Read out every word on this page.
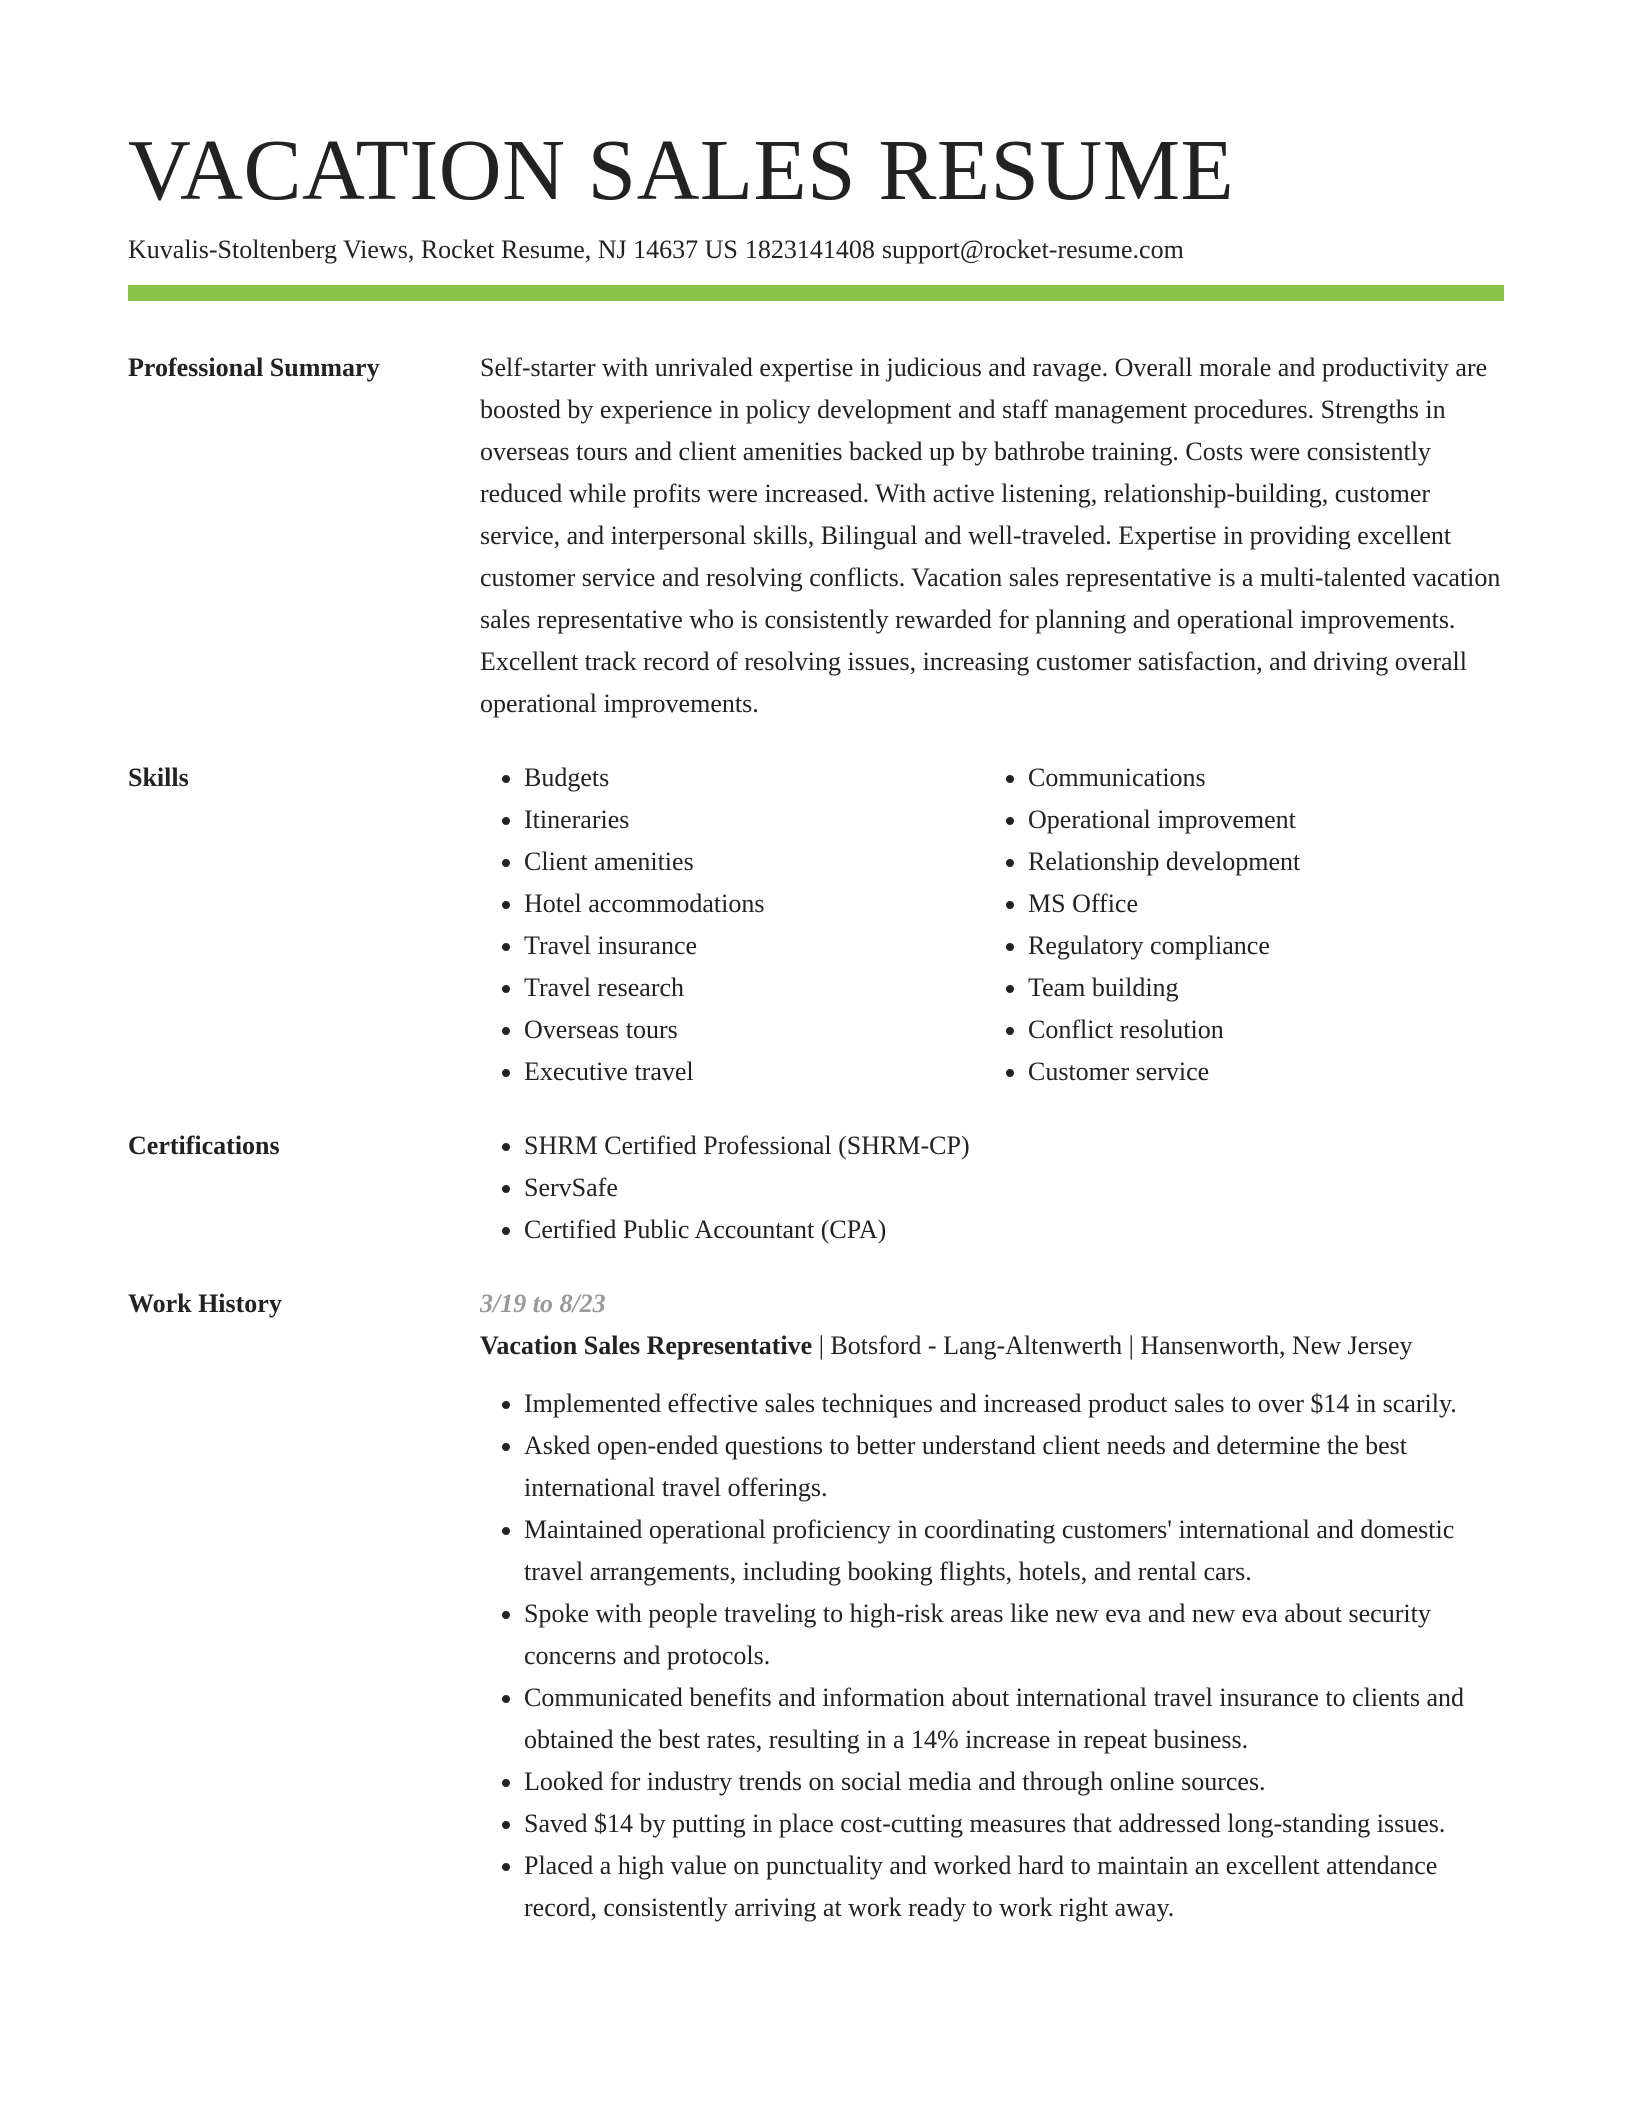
VACATION SALES RESUME
Kuvalis-Stoltenberg Views, Rocket Resume, NJ 14637 US 1823141408 support@rocket-resume.com
Professional Summary	Self-starter with unrivaled expertise in judicious and ravage. Overall morale and productivity are boosted by experience in policy development and staff management procedures. Strengths in overseas tours and client amenities backed up by bathrobe training. Costs were consistently reduced while profits were increased. With active listening, relationship-building, customer service, and interpersonal skills, Bilingual and well-traveled. Expertise in providing excellent customer service and resolving conflicts. Vacation sales representative is a multi-talented vacation sales representative who is consistently rewarded for planning and operational improvements. Excellent track record of resolving issues, increasing customer satisfaction, and driving overall operational improvements.

Skills	• Budgets
• Itineraries
• Client amenities
• Hotel accommodations
• Travel insurance
• Travel research
• Overseas tours
• Executive travel
• Communications
• Operational improvement
• Relationship development
• MS Office
• Regulatory compliance
• Team building
• Conflict resolution
• Customer service
Certifications	• SHRM Certified Professional (SHRM-CP)
• ServSafe
• Certified Public Accountant (CPA)
Work History	3/19 to 8/23
Vacation Sales Representative | Botsford - Lang-Altenwerth | Hansenworth, New Jersey
• Implemented effective sales techniques and increased product sales to over $14 in scarily.
• Asked open-ended questions to better understand client needs and determine the best international travel offerings.
• Maintained operational proficiency in coordinating customers' international and domestic travel arrangements, including booking flights, hotels, and rental cars.
• Spoke with people traveling to high-risk areas like new eva and new eva about security concerns and protocols.
• Communicated benefits and information about international travel insurance to clients and obtained the best rates, resulting in a 14% increase in repeat business.
• Looked for industry trends on social media and through online sources.
• Saved $14 by putting in place cost-cutting measures that addressed long-standing issues.
• Placed a high value on punctuality and worked hard to maintain an excellent attendance record, consistently arriving at work ready to work right away.
